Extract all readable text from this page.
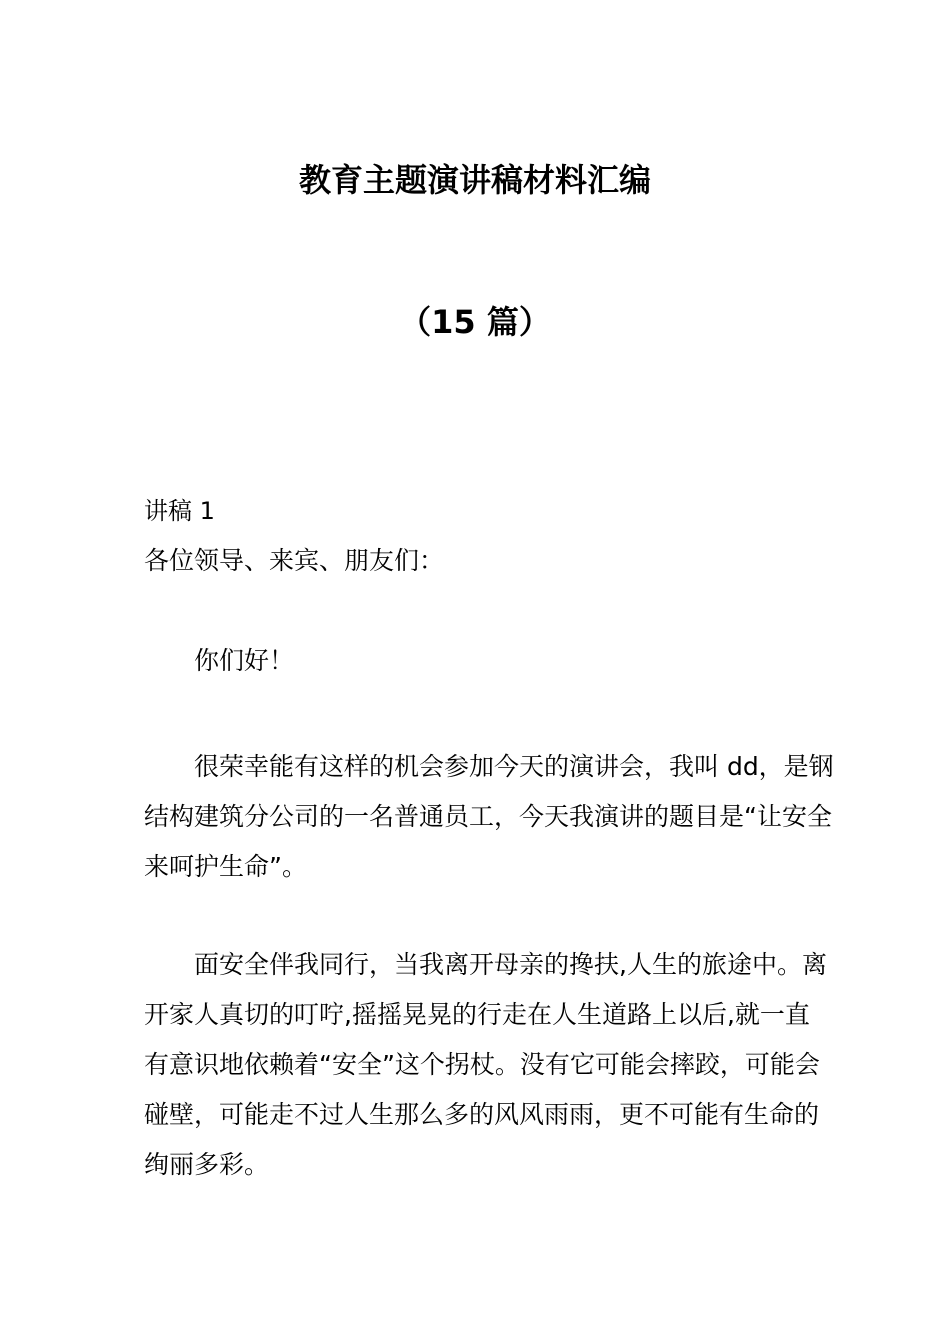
教育主题演讲稿材料汇编
（15 篇）
讲稿 1
各位领导、来宾、朋友们：
你们好！

很荣幸能有这样的机会参加今天的演讲会，我叫 dd，是钢结构建筑分公司的一名普通员工，今天我演讲的题目是“让安全来呵护生命”。

面安全伴我同行，当我离开母亲的搀扶,人生的旅途中。离开家人真切的叮咛,摇摇晃晃的行走在人生道路上以后,就一直有意识地依赖着“安全”这个拐杖。没有它可能会摔跤，可能会碰壁，可能走不过人生那么多的风风雨雨，更不可能有生命的绚丽多彩。
